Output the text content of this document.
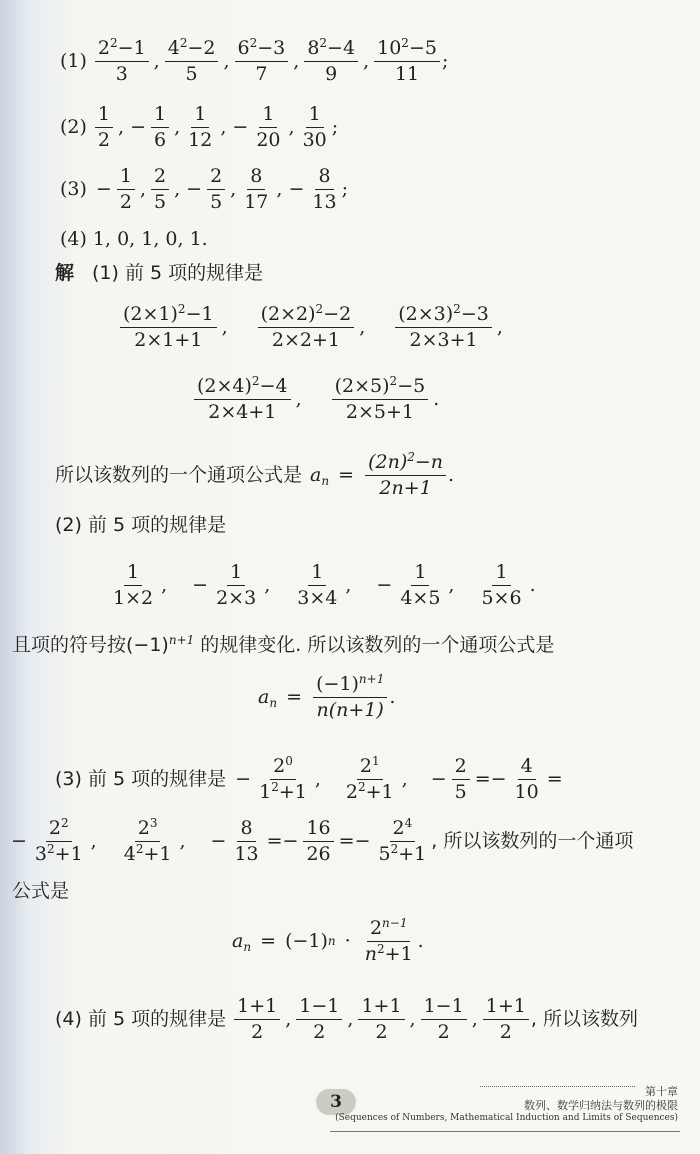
$(1) \frac{2^2-1}{3}$ , $\frac{4^2-2}{5}$ , $\frac{6^2-3}{7}$ , $\frac{8^2-4}{9}$ , $\frac{10^2-5}{11}$ ;
$(2) \frac{1}{2}$ , − $\frac{1}{6}$ , $\frac{1}{12}$ , − $\frac{1}{20}$ , $\frac{1}{30}$ ;
$(3) - \frac{1}{2}$ , $\frac{2}{5}$ , − $\frac{2}{5}$ , $\frac{8}{17}$ , − $\frac{8}{13}$ ;
(4) 1, 0, 1, 0, 1.
解 (1) 前 5 项的规律是
$\frac{(2\times 1)^2-1}{2\times 1+1}$ , $\frac{(2\times 2)^2-2}{2\times 2+1}$ , $\frac{(2\times 3)^2-3}{2\times 3+1}$ ,
$\frac{(2\times 4)^2-4}{2\times 4+1}$ , $\frac{(2\times 5)^2-5}{2\times 5+1}$ .
所以该数列的一个通项公式是 $a_n = \frac{(2n)^2-n}{2n+1}$ .
(2) 前 5 项的规律是
$\frac{1}{1\times 2}$ , − $\frac{1}{2\times 3}$ , $\frac{1}{3\times 4}$ , − $\frac{1}{4\times 5}$ , $\frac{1}{5\times 6}$ .
且项的符号按$(-1)^{n+1}$ 的规律变化. 所以该数列的一个通项公式是
$a_n = \frac{(-1)^{n+1}}{n(n+1)}$ .
(3) 前 5 项的规律是 − $\frac{2^0}{1^2+1}$ , $\frac{2^1}{2^2+1}$ , − $\frac{2}{5} =- \frac{4}{10}$ =
− $\frac{2^2}{3^2+1}$ , $\frac{2^3}{4^2+1}$ , − $\frac{8}{13} =- \frac{16}{26} =- \frac{2^4}{5^2+1}$ , 所以该数列的一个通项
公式是
$a_n = (-1) n \cdot \frac{2^{n-1}}{n^2+1}$ .
(4) 前 5 项的规律是 $\frac{1+1}{2}$ , $\frac{1-1}{2}$ , $\frac{1+1}{2}$ , $\frac{1-1}{2}$ , $\frac{1+1}{2}$ , 所以该数列
3
第十章
数列、数学归纳法与数列的极限
(Sequences of Numbers, Mathematical Induction and Limits of Sequences)
